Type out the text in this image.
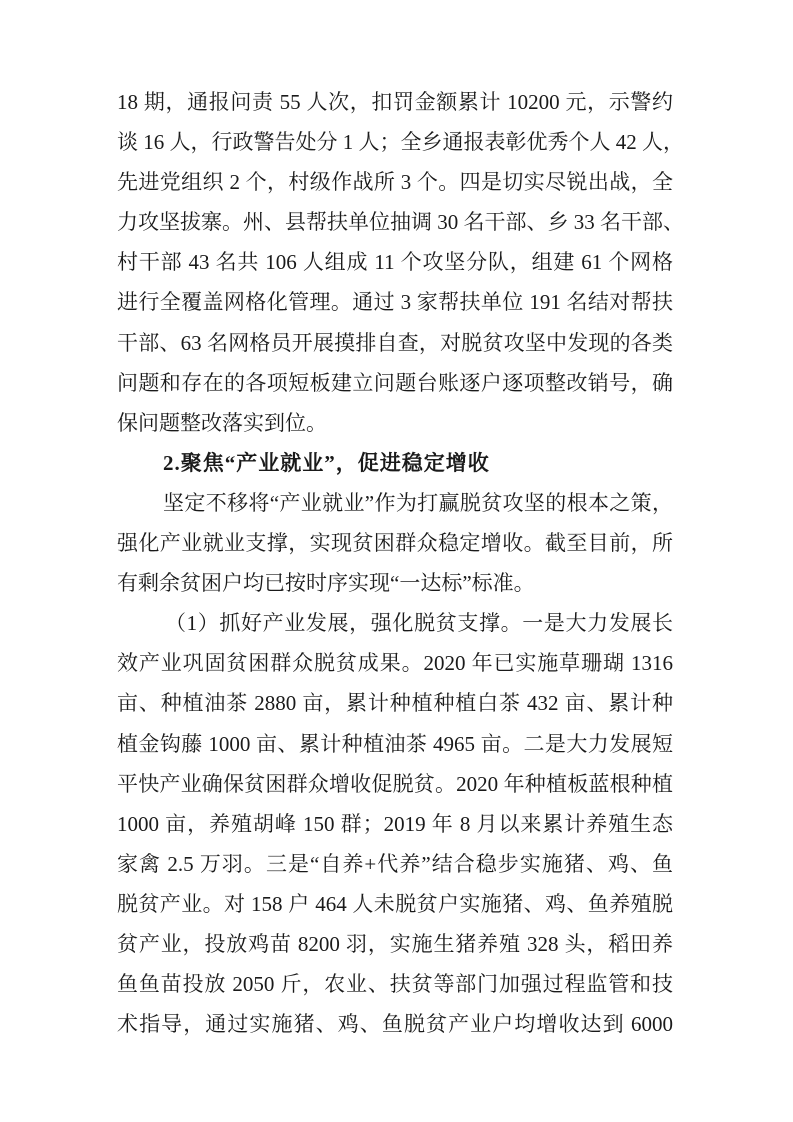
18 期，通报问责 55 人次，扣罚金额累计 10200 元，示警约
谈 16 人，行政警告处分 1 人；全乡通报表彰优秀个人 42 人，
先进党组织 2 个，村级作战所 3 个。四是切实尽锐出战，全
力攻坚拔寨。州、县帮扶单位抽调 30 名干部、乡 33 名干部、
村干部 43 名共 106 人组成 11 个攻坚分队，组建 61 个网格
进行全覆盖网格化管理。通过 3 家帮扶单位 191 名结对帮扶
干部、63 名网格员开展摸排自查，对脱贫攻坚中发现的各类
问题和存在的各项短板建立问题台账逐户逐项整改销号，确
保问题整改落实到位。
2.聚焦“产业就业”，促进稳定增收
坚定不移将“产业就业”作为打赢脱贫攻坚的根本之策，
强化产业就业支撑，实现贫困群众稳定增收。截至目前，所
有剩余贫困户均已按时序实现“一达标”标准。
（1）抓好产业发展，强化脱贫支撑。一是大力发展长
效产业巩固贫困群众脱贫成果。2020 年已实施草珊瑚 1316
亩、种植油茶 2880 亩，累计种植种植白茶 432 亩、累计种
植金钩藤 1000 亩、累计种植油茶 4965 亩。二是大力发展短
平快产业确保贫困群众增收促脱贫。2020 年种植板蓝根种植
1000 亩，养殖胡峰 150 群；2019 年 8 月以来累计养殖生态
家禽 2.5 万羽。三是“自养+代养”结合稳步实施猪、鸡、鱼
脱贫产业。对 158 户 464 人未脱贫户实施猪、鸡、鱼养殖脱
贫产业，投放鸡苗 8200 羽，实施生猪养殖 328 头，稻田养
鱼鱼苗投放 2050 斤，农业、扶贫等部门加强过程监管和技
术指导，通过实施猪、鸡、鱼脱贫产业户均增收达到 6000
